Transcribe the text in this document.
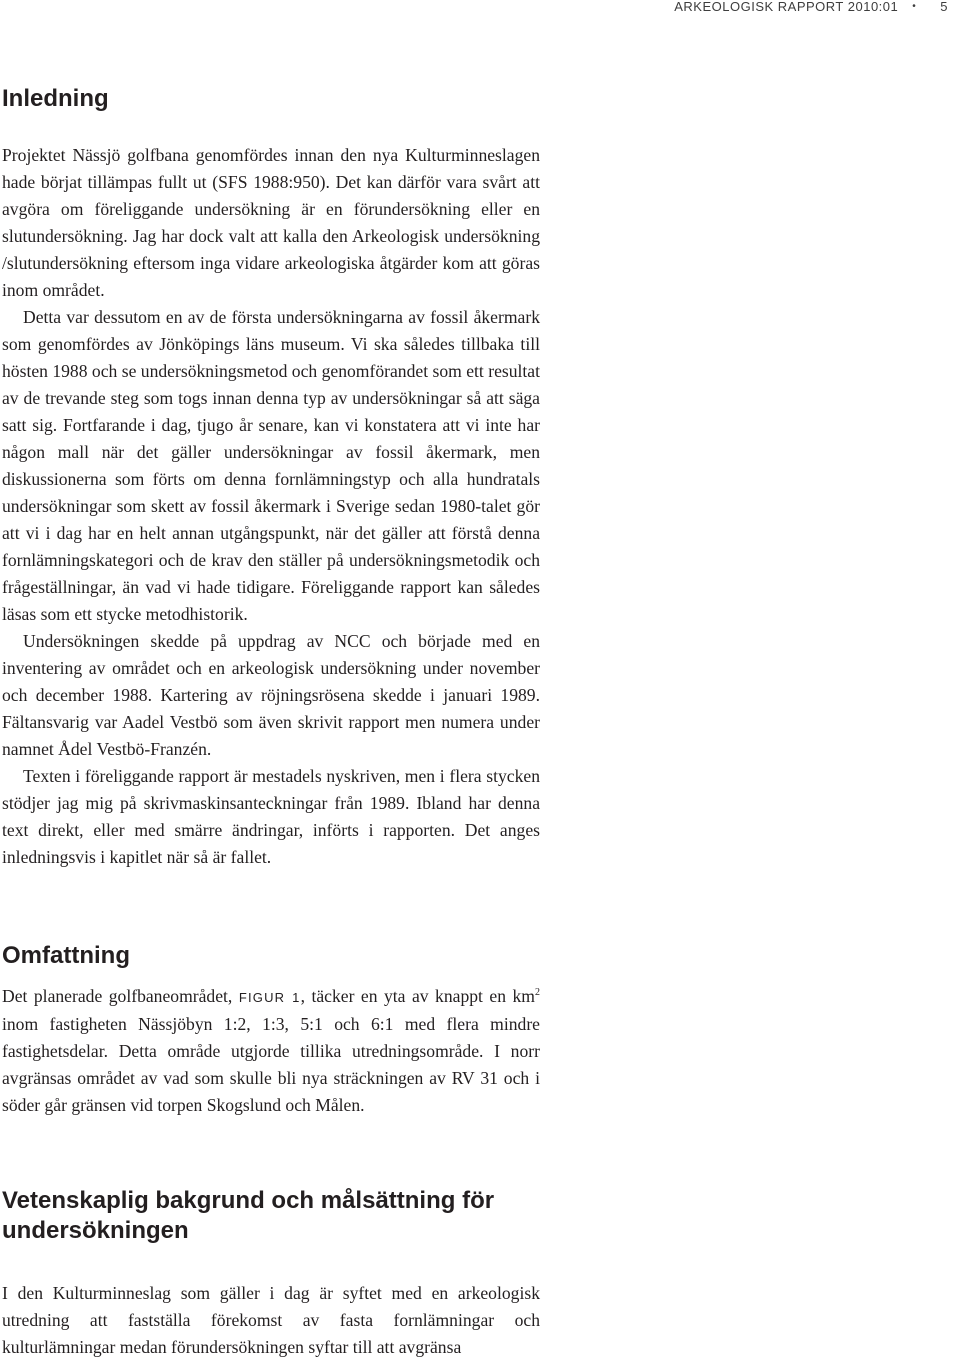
ARKEOLOGISK RAPPORT 2010:01 • 5
Inledning

Projektet Nässjö golfbana genomfördes innan den nya Kulturminneslagen hade börjat tillämpas fullt ut (SFS 1988:950). Det kan därför vara svårt att avgöra om föreliggande undersökning är en förundersökning eller en slutundersökning. Jag har dock valt att kalla den Arkeologisk undersökning /slutundersökning eftersom inga vidare arkeologiska åtgärder kom att göras inom området.

Detta var dessutom en av de första undersökningarna av fossil åkermark som genomfördes av Jönköpings läns museum. Vi ska således tillbaka till hösten 1988 och se undersökningsmetod och genomförandet som ett resultat av de trevande steg som togs innan denna typ av undersökningar så att säga satt sig. Fortfarande i dag, tjugo år senare, kan vi konstatera att vi inte har någon mall när det gäller undersökningar av fossil åkermark, men diskussionerna som förts om denna fornlämningstyp och alla hundratals undersökningar som skett av fossil åkermark i Sverige sedan 1980-talet gör att vi i dag har en helt annan utgångspunkt, när det gäller att förstå denna fornlämningskategori och de krav den ställer på undersökningsmetodik och frågeställningar, än vad vi hade tidigare. Föreliggande rapport kan således läsas som ett stycke metodhistorik.

Undersökningen skedde på uppdrag av NCC och började med en inventering av området och en arkeologisk undersökning under november och december 1988. Kartering av röjningsrösena skedde i januari 1989. Fältansvarig var Aadel Vestbö som även skrivit rapport men numera under namnet Ådel Vestbö-Franzén.

Texten i föreliggande rapport är mestadels nyskriven, men i flera stycken stödjer jag mig på skrivmaskinsanteckningar från 1989. Ibland har denna text direkt, eller med smärre ändringar, införts i rapporten. Det anges inledningsvis i kapitlet när så är fallet.

Omfattning

Det planerade golfbaneområdet, FIGUR 1, täcker en yta av knappt en $km^2$ inom fastigheten Nässjöbyn 1:2, 1:3, 5:1 och 6:1 med flera mindre fastighetsdelar. Detta område utgjorde tillika utredningsområde. I norr avgränsas området av vad som skulle bli nya sträckningen av RV 31 och i söder går gränsen vid torpen Skogslund och Målen.

Vetenskaplig bakgrund och målsättning för undersökningen

I den Kulturminneslag som gäller i dag är syftet med en arkeologisk utredning att fastställa förekomst av fasta fornlämningar och kulturlämningar medan förundersökningen syftar till att avgränsa
